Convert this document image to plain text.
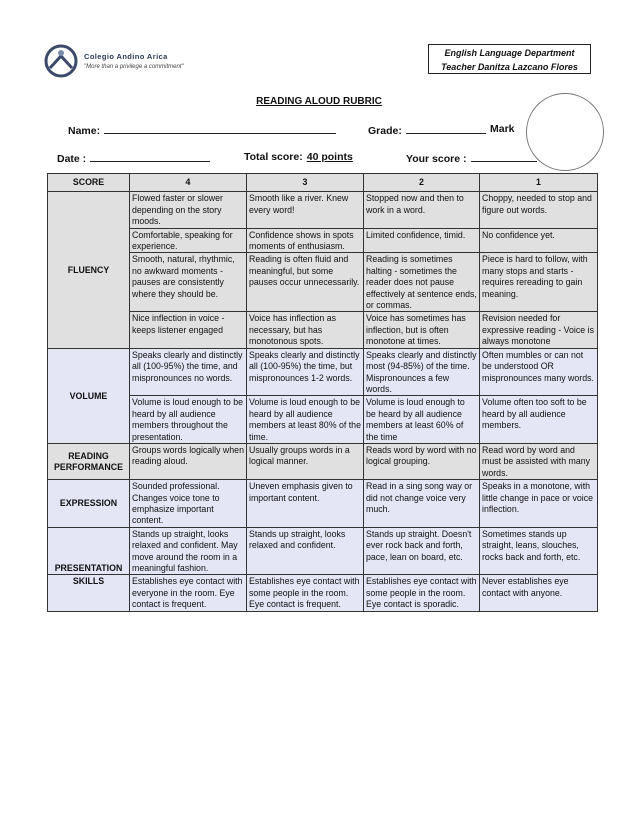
Colegio Andino Arica
"More than a privilege a commitment"
English Language Department
Teacher Danitza Lazcano Flores
READING ALOUD RUBRIC
Name:	Grade:	Mark
Date :	Total score: 40 points	Your score :
SCORE	4	3	2	1
FLUENCY	Flowed faster or slower depending on the story moods.	Smooth like a river. Knew every word!	Stopped now and then to work in a word.	Choppy, needed to stop and figure out words.
	Comfortable, speaking for experience.	Confidence shows in spots moments of enthusiasm.	Limited confidence, timid.	No confidence yet.
	Smooth, natural, rhythmic, no awkward moments - pauses are consistently where they should be.	Reading is often fluid and meaningful, but some pauses occur unnecessarily.	Reading is sometimes halting - sometimes the reader does not pause effectively at sentence ends, or commas.	Piece is hard to follow, with many stops and starts - requires rereading to gain meaning.
	Nice inflection in voice - keeps listener engaged	Voice has inflection as necessary, but has monotonous spots.	Voice has sometimes has inflection, but is often monotone at times.	Revision needed for expressive reading - Voice is always monotone
VOLUME	Speaks clearly and distinctly all (100-95%) the time, and mispronounces no words.	Speaks clearly and distinctly all (100-95%) the time, but mispronounces 1-2 words.	Speaks clearly and distinctly most (94-85%) of the time. Mispronounces a few words.	Often mumbles or can not be understood OR mispronounces many words.
	Volume is loud enough to be heard by all audience members throughout the presentation.	Volume is loud enough to be heard by all audience members at least 80% of the time.	Volume is loud enough to be heard by all audience members at least 60% of the time	Volume often too soft to be heard by all audience members.
READING PERFORMANCE	Groups words logically when reading aloud.	Usually groups words in a logical manner.	Reads word by word with no logical grouping.	Read word by word and must be assisted with many words.
EXPRESSION	Sounded professional. Changes voice tone to emphasize important content.	Uneven emphasis given to important content.	Read in a sing song way or did not change voice very much.	Speaks in a monotone, with little change in pace or voice inflection.
PRESENTATION	Stands up straight, looks relaxed and confident. May move around the room in a meaningful fashion.	Stands up straight, looks relaxed and confident.	Stands up straight. Doesn't ever rock back and forth, pace, lean on board, etc.	Sometimes stands up straight, leans, slouches, rocks back and forth, etc.
SKILLS	Establishes eye contact with everyone in the room. Eye contact is frequent.	Establishes eye contact with some people in the room. Eye contact is frequent.	Establishes eye contact with some people in the room. Eye contact is sporadic.	Never establishes eye contact with anyone.
